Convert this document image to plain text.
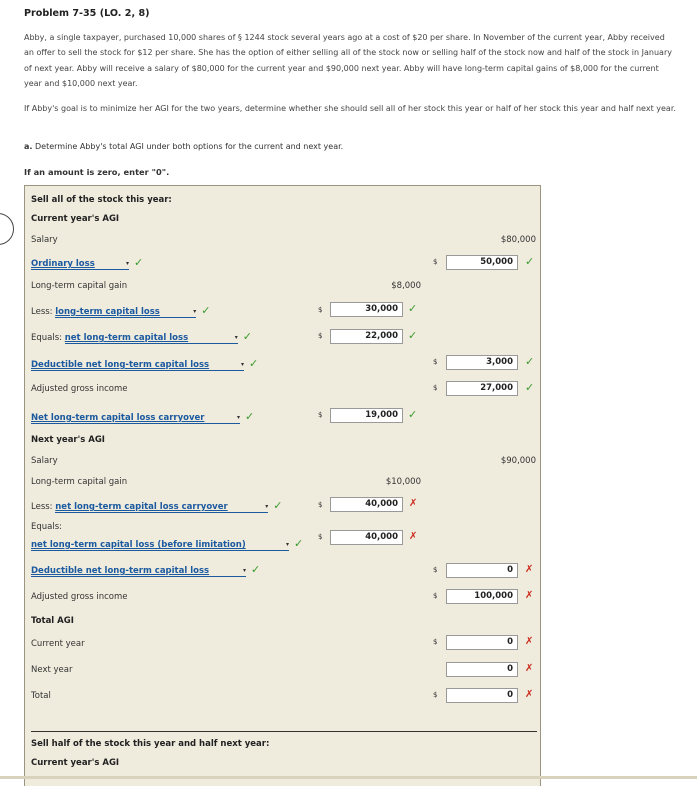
Problem 7-35 (LO. 2, 8)
Abby, a single taxpayer, purchased 10,000 shares of § 1244 stock several years ago at a cost of $20 per share. In November of the current year, Abby received an offer to sell the stock for $12 per share. She has the option of either selling all of the stock now or selling half of the stock now and half of the stock in January of next year. Abby will receive a salary of $80,000 for the current year and $90,000 next year. Abby will have long-term capital gains of $8,000 for the current year and $10,000 next year.
If Abby's goal is to minimize her AGI for the two years, determine whether she should sell all of her stock this year or half of her stock this year and half next year.
a. Determine Abby's total AGI under both options for the current and next year.
If an amount is zero, enter "0".
Sell all of the stock this year:
Current year's AGI
Salary	$80,000
Ordinary loss	▾ ✓	$	50,000	✓
Long-term capital gain	$8,000
Less: long-term capital loss	▾ ✓	$	30,000 ✓
Equals: net long-term capital loss	▾ ✓	$	22,000 ✓
Deductible net long-term capital loss	▾ ✓	$	3,000	✓
Adjusted gross income	$	27,000	✓
Net long-term capital loss carryover	▾ ✓	$	19,000 ✓
Next year's AGI
Salary	$90,000
Long-term capital gain	$10,000
Less: net long-term capital loss carryover	▾ ✓	$	40,000	✗
Equals:
net long-term capital loss (before limitation)	▾ ✓ $	40,000	✗
Deductible net long-term capital loss	▾ ✓	$	0	✗
Adjusted gross income	$	100,000	✗
Total AGI
Current year	$	0	✗
Next year	0	✗
Total	$	0	✗
Sell half of the stock this year and half next year:
Current year's AGI
